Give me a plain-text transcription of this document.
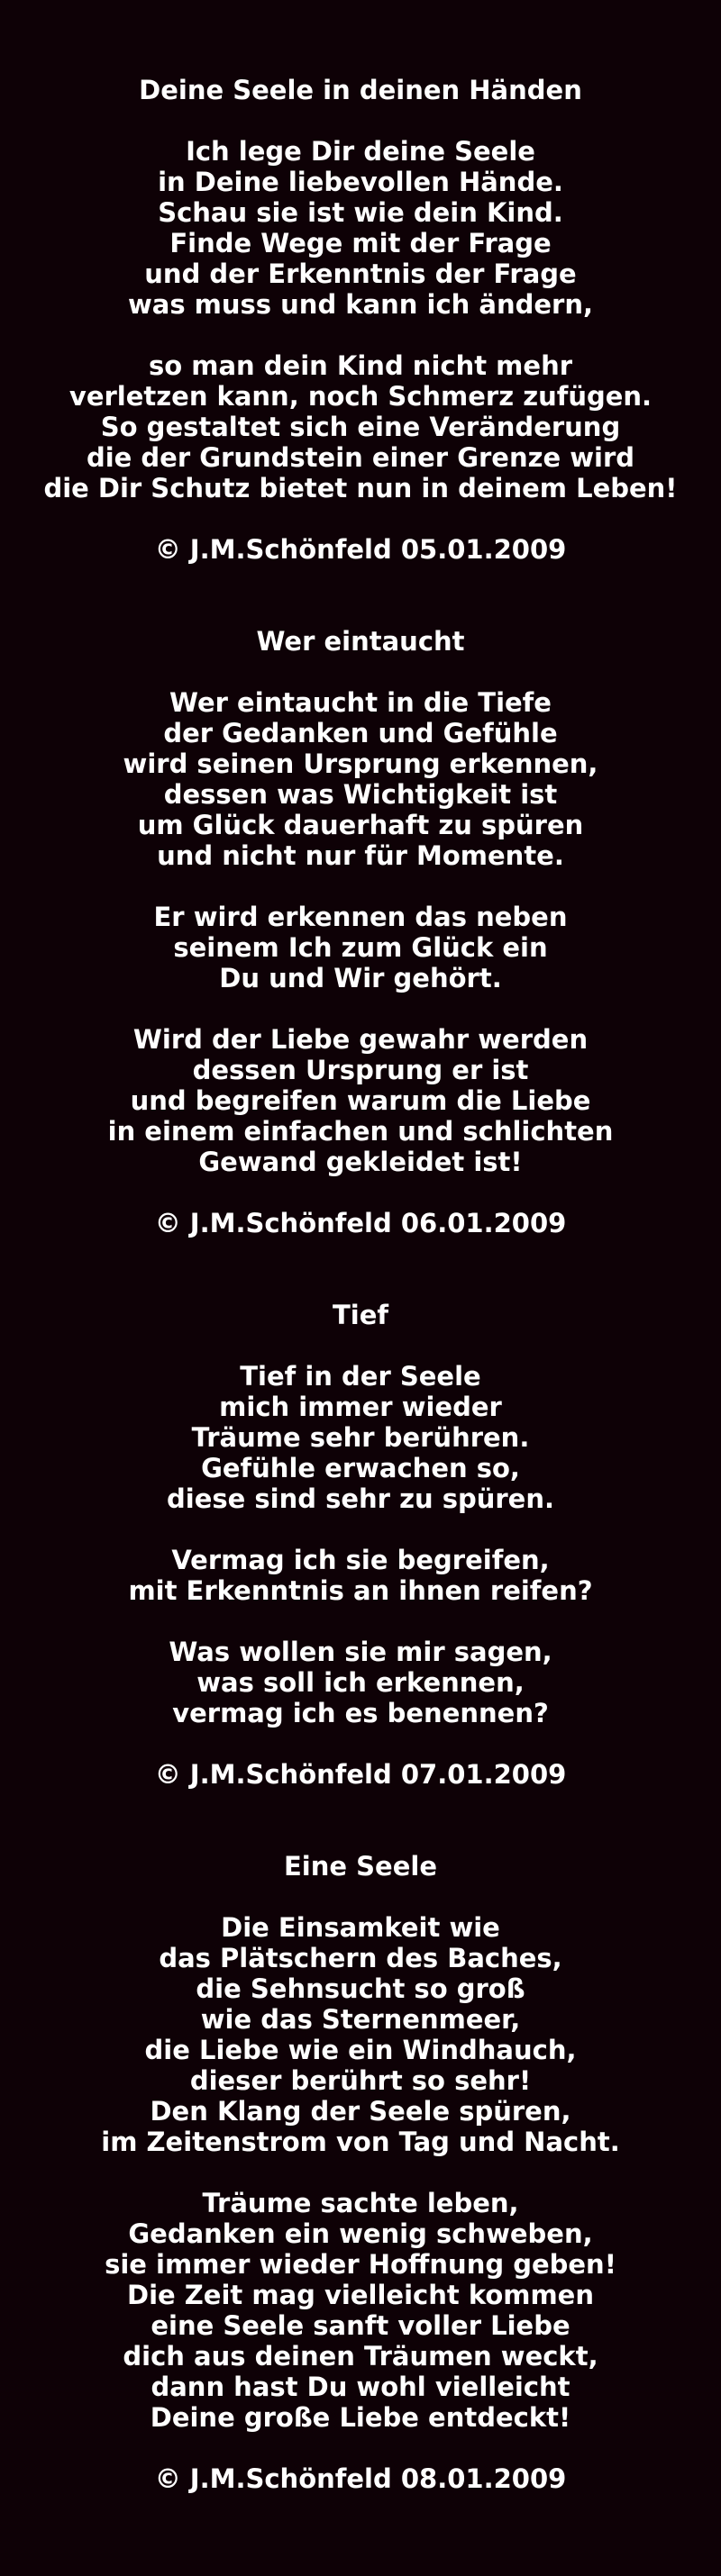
Deine Seele in deinen Händen
Ich lege Dir deine Seele
in Deine liebevollen Hände.
Schau sie ist wie dein Kind.
Finde Wege mit der Frage
und der Erkenntnis der Frage
was muss und kann ich ändern,
so man dein Kind nicht mehr
verletzen kann, noch Schmerz zufügen.
So gestaltet sich eine Veränderung
die der Grundstein einer Grenze wird
die Dir Schutz bietet nun in deinem Leben!
© J.M.Schönfeld 05.01.2009
Wer eintaucht
Wer eintaucht in die Tiefe
der Gedanken und Gefühle
wird seinen Ursprung erkennen,
dessen was Wichtigkeit ist
um Glück dauerhaft zu spüren
und nicht nur für Momente.
Er wird erkennen das neben
seinem Ich zum Glück ein
Du und Wir gehört.
Wird der Liebe gewahr werden
dessen Ursprung er ist
und begreifen warum die Liebe
in einem einfachen und schlichten
Gewand gekleidet ist!
© J.M.Schönfeld 06.01.2009
Tief
Tief in der Seele
mich immer wieder
Träume sehr berühren.
Gefühle erwachen so,
diese sind sehr zu spüren.
Vermag ich sie begreifen,
mit Erkenntnis an ihnen reifen?
Was wollen sie mir sagen,
was soll ich erkennen,
vermag ich es benennen?
© J.M.Schönfeld 07.01.2009
Eine Seele
Die Einsamkeit wie
das Plätschern des Baches,
die Sehnsucht so groß
wie das Sternenmeer,
die Liebe wie ein Windhauch,
dieser berührt so sehr!
Den Klang der Seele spüren,
im Zeitenstrom von Tag und Nacht.
Träume sachte leben,
Gedanken ein wenig schweben,
sie immer wieder Hoffnung geben!
Die Zeit mag vielleicht kommen
eine Seele sanft voller Liebe
dich aus deinen Träumen weckt,
dann hast Du wohl vielleicht
Deine große Liebe entdeckt!
© J.M.Schönfeld 08.01.2009
